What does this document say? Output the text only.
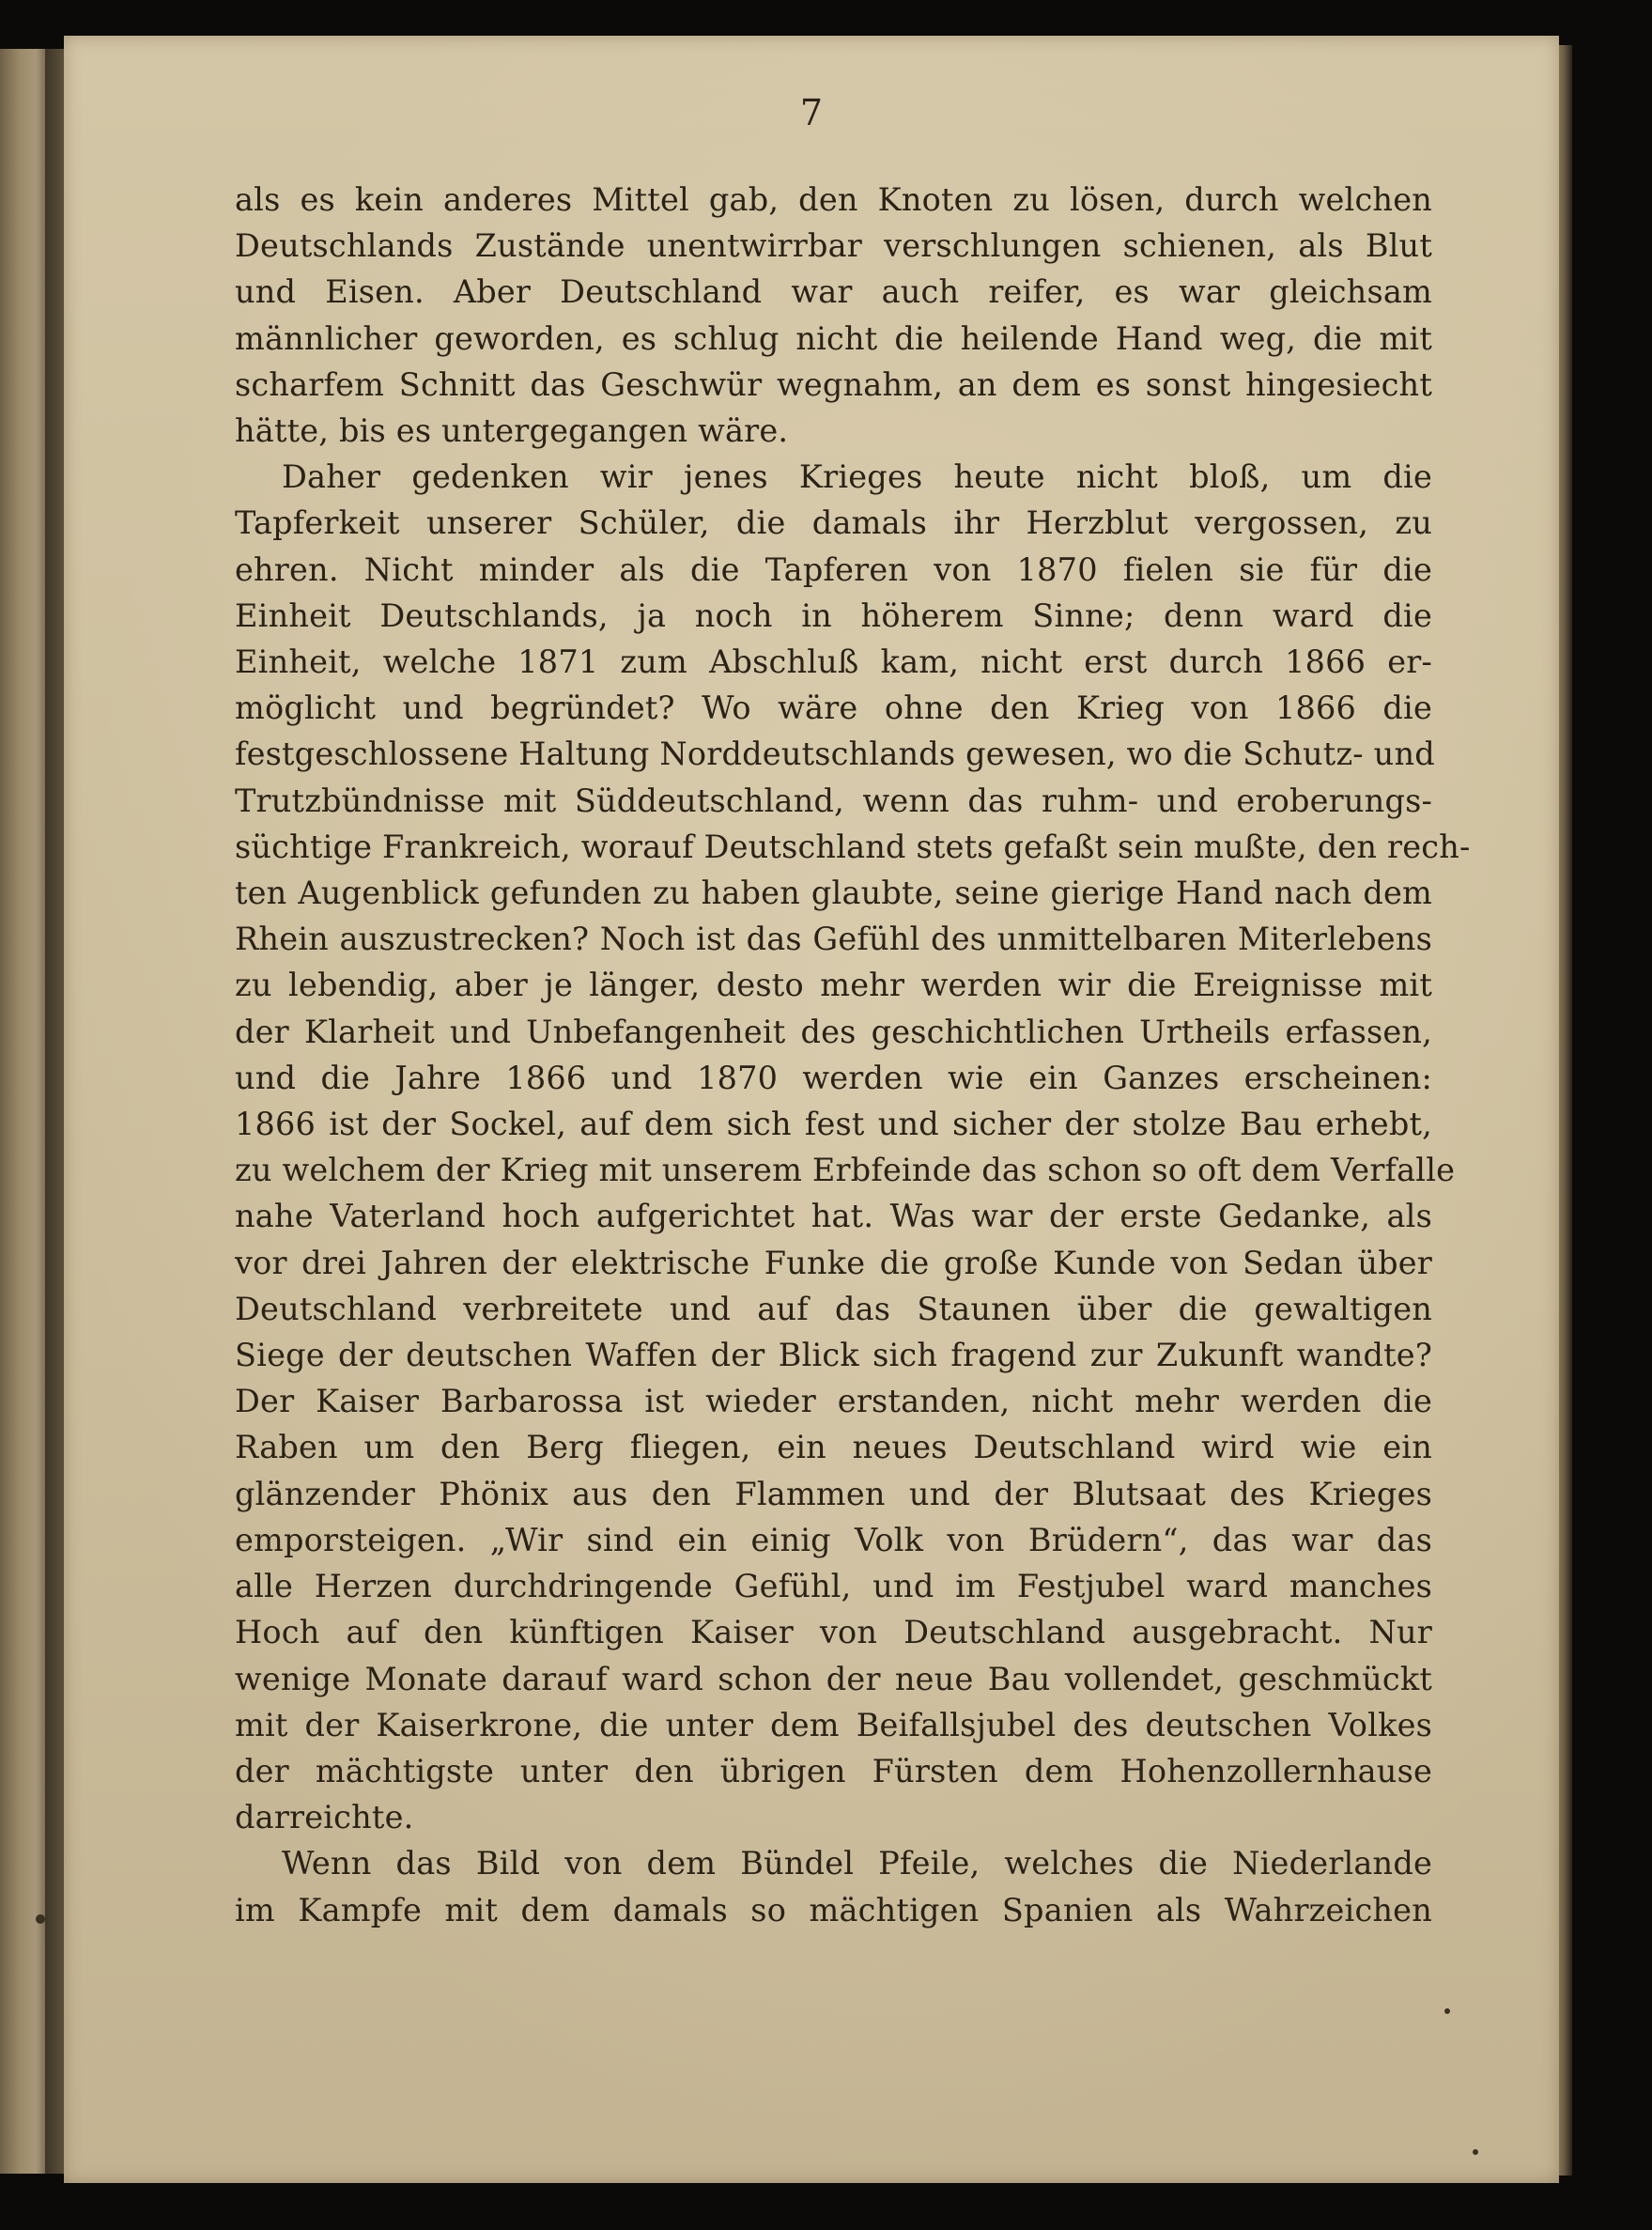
7
als es kein anderes Mittel gab, den Knoten zu lösen, durch welchen
Deutschlands Zustände unentwirrbar verschlungen schienen, als Blut
und Eisen. Aber Deutschland war auch reifer, es war gleichsam
männlicher geworden, es schlug nicht die heilende Hand weg, die mit
scharfem Schnitt das Geschwür wegnahm, an dem es sonst hingesiecht
hätte, bis es untergegangen wäre.
Daher gedenken wir jenes Krieges heute nicht bloß, um die
Tapferkeit unserer Schüler, die damals ihr Herzblut vergossen, zu
ehren. Nicht minder als die Tapferen von 1870 fielen sie für die
Einheit Deutschlands, ja noch in höherem Sinne; denn ward die
Einheit, welche 1871 zum Abschluß kam, nicht erst durch 1866 er-
möglicht und begründet? Wo wäre ohne den Krieg von 1866 die
festgeschlossene Haltung Norddeutschlands gewesen, wo die Schutz- und
Trutzbündnisse mit Süddeutschland, wenn das ruhm- und eroberungs-
süchtige Frankreich, worauf Deutschland stets gefaßt sein mußte, den rech-
ten Augenblick gefunden zu haben glaubte, seine gierige Hand nach dem
Rhein auszustrecken? Noch ist das Gefühl des unmittelbaren Miterlebens
zu lebendig, aber je länger, desto mehr werden wir die Ereignisse mit
der Klarheit und Unbefangenheit des geschichtlichen Urtheils erfassen,
und die Jahre 1866 und 1870 werden wie ein Ganzes erscheinen:
1866 ist der Sockel, auf dem sich fest und sicher der stolze Bau erhebt,
zu welchem der Krieg mit unserem Erbfeinde das schon so oft dem Verfalle
nahe Vaterland hoch aufgerichtet hat. Was war der erste Gedanke, als
vor drei Jahren der elektrische Funke die große Kunde von Sedan über
Deutschland verbreitete und auf das Staunen über die gewaltigen
Siege der deutschen Waffen der Blick sich fragend zur Zukunft wandte?
Der Kaiser Barbarossa ist wieder erstanden, nicht mehr werden die
Raben um den Berg fliegen, ein neues Deutschland wird wie ein
glänzender Phönix aus den Flammen und der Blutsaat des Krieges
emporsteigen. „Wir sind ein einig Volk von Brüdern“, das war das
alle Herzen durchdringende Gefühl, und im Festjubel ward manches
Hoch auf den künftigen Kaiser von Deutschland ausgebracht. Nur
wenige Monate darauf ward schon der neue Bau vollendet, geschmückt
mit der Kaiserkrone, die unter dem Beifallsjubel des deutschen Volkes
der mächtigste unter den übrigen Fürsten dem Hohenzollernhause
darreichte.
Wenn das Bild von dem Bündel Pfeile, welches die Niederlande
im Kampfe mit dem damals so mächtigen Spanien als Wahrzeichen
